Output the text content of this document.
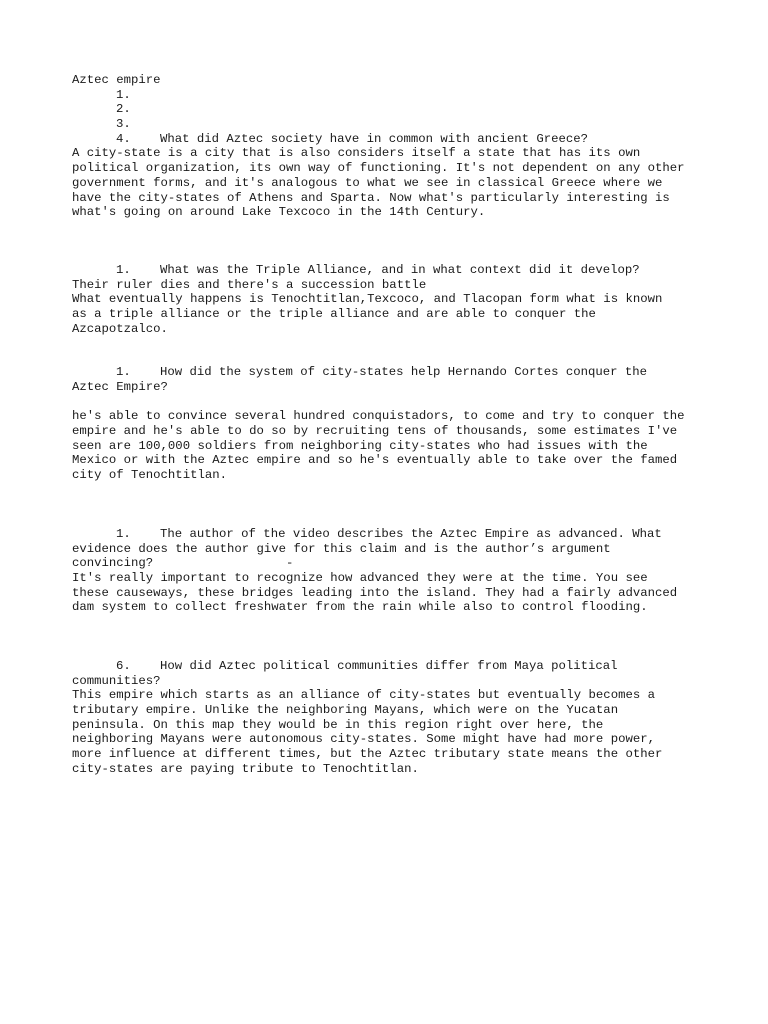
Aztec empire
1.
2.
3.
4. What did Aztec society have in common with ancient Greece?
A city-state is a city that is also considers itself a state that has its own
political organization, its own way of functioning. It's not dependent on any other
government forms, and it's analogous to what we see in classical Greece where we
have the city-states of Athens and Sparta. Now what's particularly interesting is
what's going on around Lake Texcoco in the 14th Century.
1. What was the Triple Alliance, and in what context did it develop?
Their ruler dies and there's a succession battle
What eventually happens is Tenochtitlan,Texcoco, and Tlacopan form what is known
as a triple alliance or the triple alliance and are able to conquer the
Azcapotzalco.
1. How did the system of city-states help Hernando Cortes conquer the
Aztec Empire?
he's able to convince several hundred conquistadors, to come and try to conquer the
empire and he's able to do so by recruiting tens of thousands, some estimates I've
seen are 100,000 soldiers from neighboring city-states who had issues with the
Mexico or with the Aztec empire and so he's eventually able to take over the famed
city of Tenochtitlan.
1. The author of the video describes the Aztec Empire as advanced. What
evidence does the author give for this claim and is the author’s argument
convincing?                  -
It's really important to recognize how advanced they were at the time. You see
these causeways, these bridges leading into the island. They had a fairly advanced
dam system to collect freshwater from the rain while also to control flooding.
6. How did Aztec political communities differ from Maya political
communities?
This empire which starts as an alliance of city-states but eventually becomes a
tributary empire. Unlike the neighboring Mayans, which were on the Yucatan
peninsula. On this map they would be in this region right over here, the
neighboring Mayans were autonomous city-states. Some might have had more power,
more influence at different times, but the Aztec tributary state means the other
city-states are paying tribute to Tenochtitlan.
